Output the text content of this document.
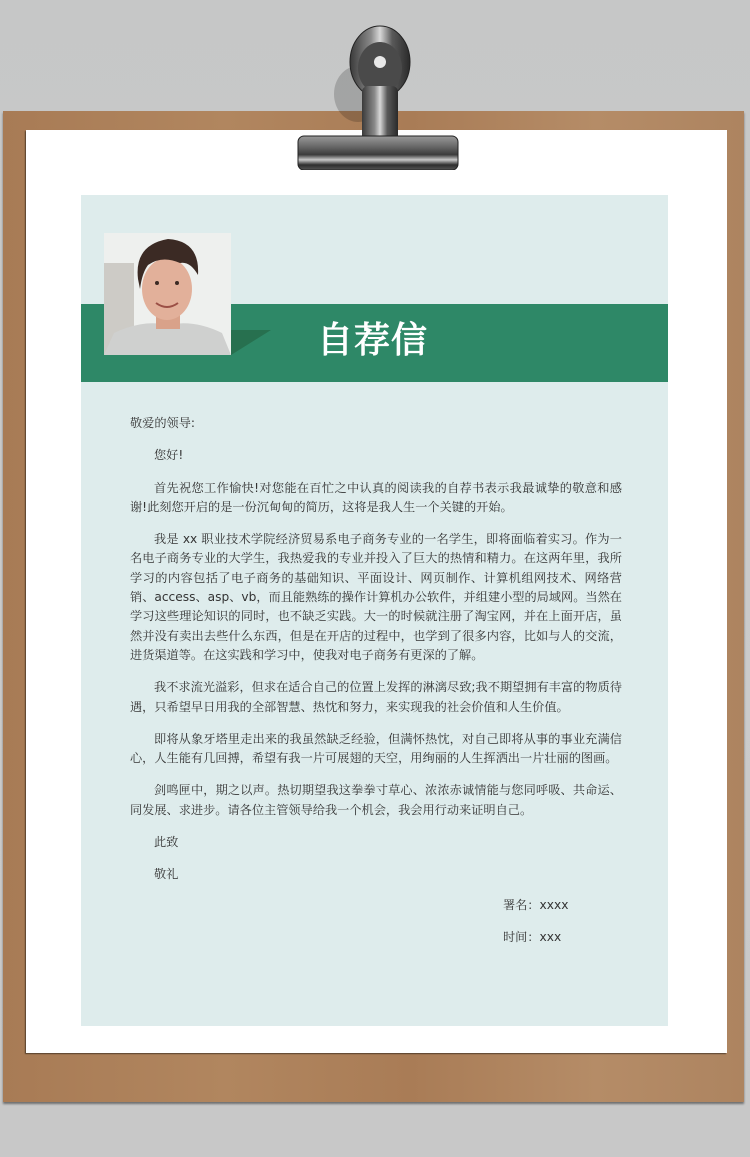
自荐信

敬爱的领导:

您好!

首先祝您工作愉快!对您能在百忙之中认真的阅读我的自荐书表示我最诚挚的敬意和感谢!此刻您开启的是一份沉甸甸的简历，这将是我人生一个关键的开始。

我是 xx 职业技术学院经济贸易系电子商务专业的一名学生，即将面临着实习。作为一名电子商务专业的大学生，我热爱我的专业并投入了巨大的热情和精力。在这两年里，我所学习的内容包括了电子商务的基础知识、平面设计、网页制作、计算机组网技术、网络营销、access、asp、vb，而且能熟练的操作计算机办公软件，并组建小型的局域网。当然在学习这些理论知识的同时，也不缺乏实践。大一的时候就注册了淘宝网，并在上面开店，虽然并没有卖出去些什么东西，但是在开店的过程中，也学到了很多内容，比如与人的交流，进货渠道等。在这实践和学习中，使我对电子商务有更深的了解。

我不求流光溢彩，但求在适合自己的位置上发挥的淋漓尽致;我不期望拥有丰富的物质待遇，只希望早日用我的全部智慧、热忱和努力，来实现我的社会价值和人生价值。

即将从象牙塔里走出来的我虽然缺乏经验，但满怀热忱，对自己即将从事的事业充满信心，人生能有几回搏，希望有我一片可展翅的天空，用绚丽的人生挥洒出一片壮丽的图画。

剑鸣匣中，期之以声。热切期望我这拳拳寸草心、浓浓赤诚情能与您同呼吸、共命运、同发展、求进步。请各位主管领导给我一个机会，我会用行动来证明自己。

此致

敬礼

署名：xxxx
时间：xxx
